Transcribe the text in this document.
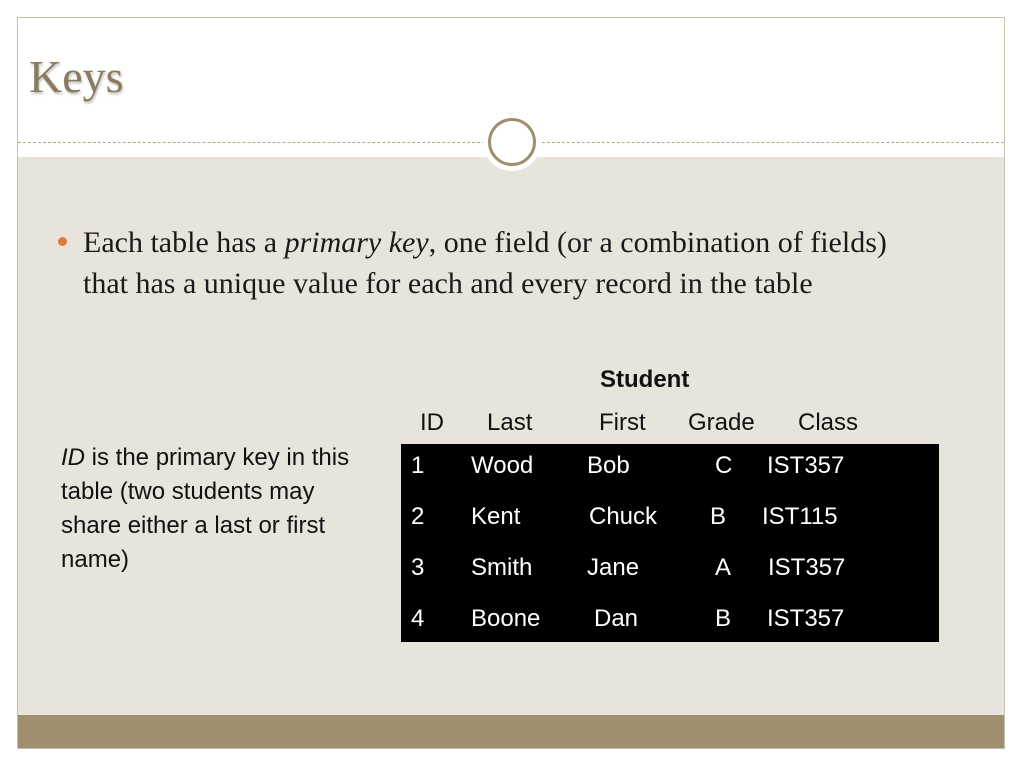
Keys

Each table has a primary key, one field (or a combination of fields) that has a unique value for each and every record in the table

ID is the primary key in this table (two students may share either a last or first name)

Student
ID Last	First Grade Class
1 Wood Bob	C IST357
2 Kent	Chuck B IST115
3 Smith Jane	A IST357
4 Boone Dan	B IST357
